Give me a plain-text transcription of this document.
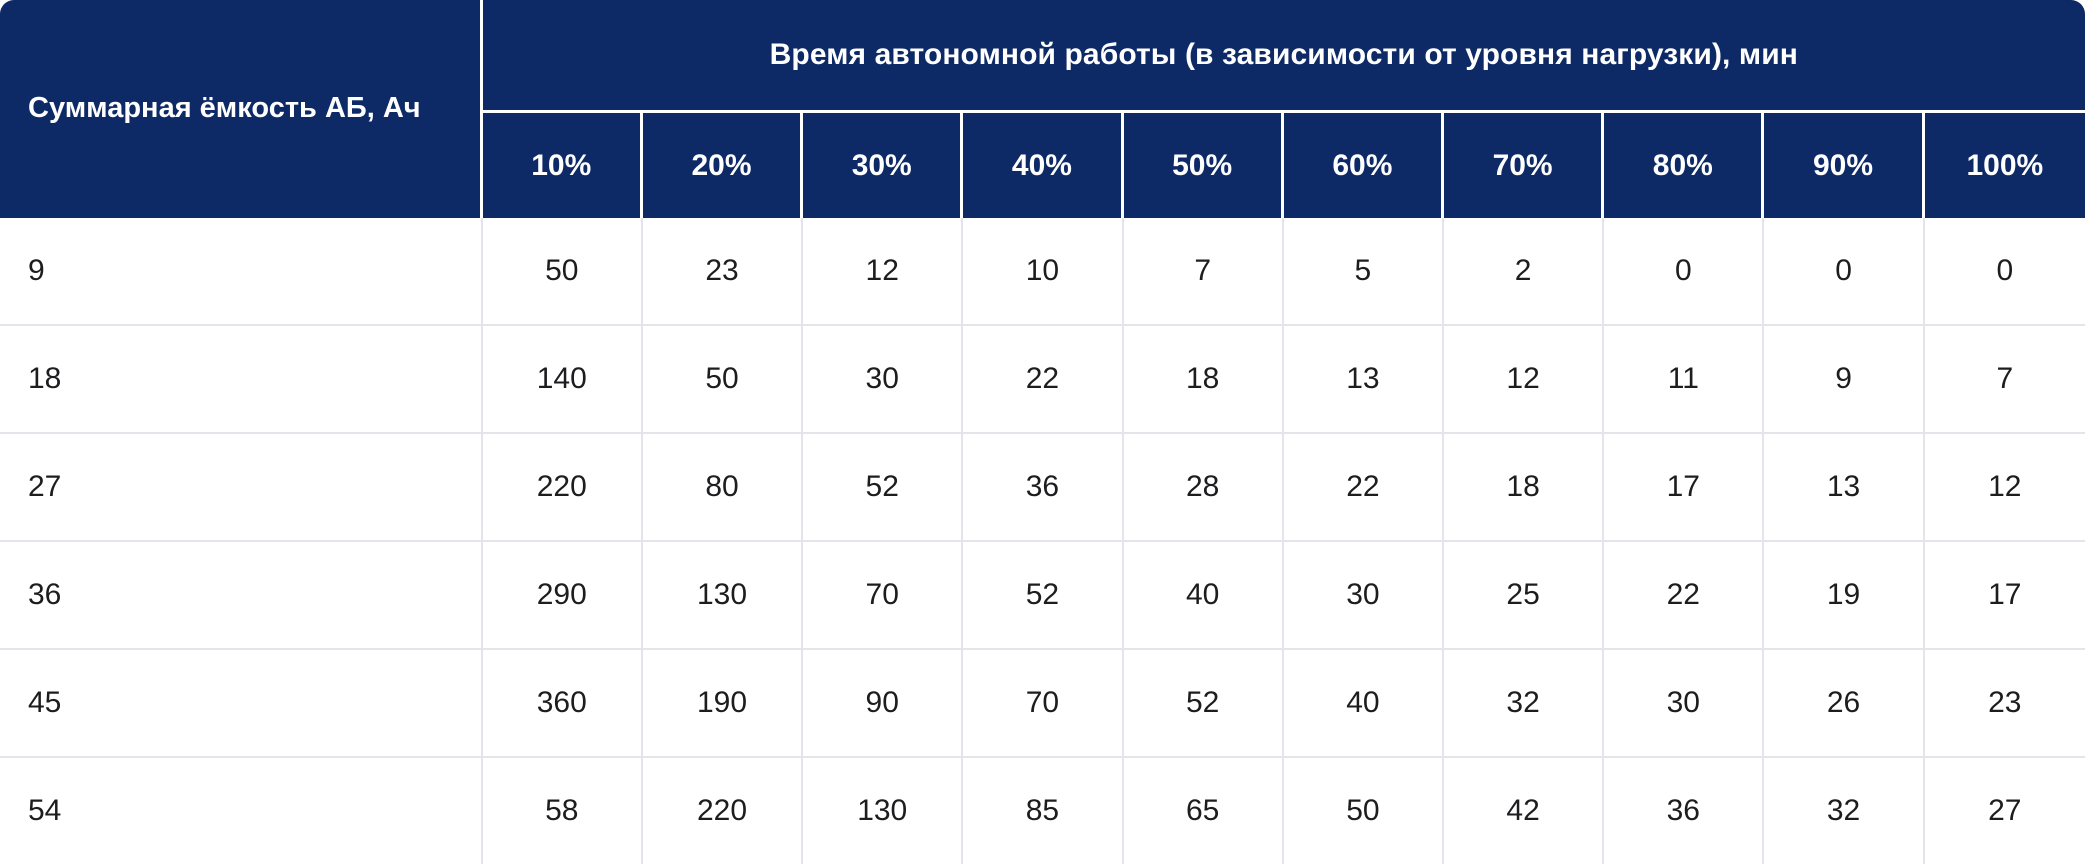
Суммарная ёмкость АБ, Ач	Время автономной работы (в зависимости от уровня нагрузки), мин									
	10%	20%	30%	40%	50%	60%	70%	80%	90%	100%
9	50	23	12	10	7	5	2	0	0	0
18	140	50	30	22	18	13	12	11	9	7
27	220	80	52	36	28	22	18	17	13	12
36	290	130	70	52	40	30	25	22	19	17
45	360	190	90	70	52	40	32	30	26	23
54	58	220	130	85	65	50	42	36	32	27
